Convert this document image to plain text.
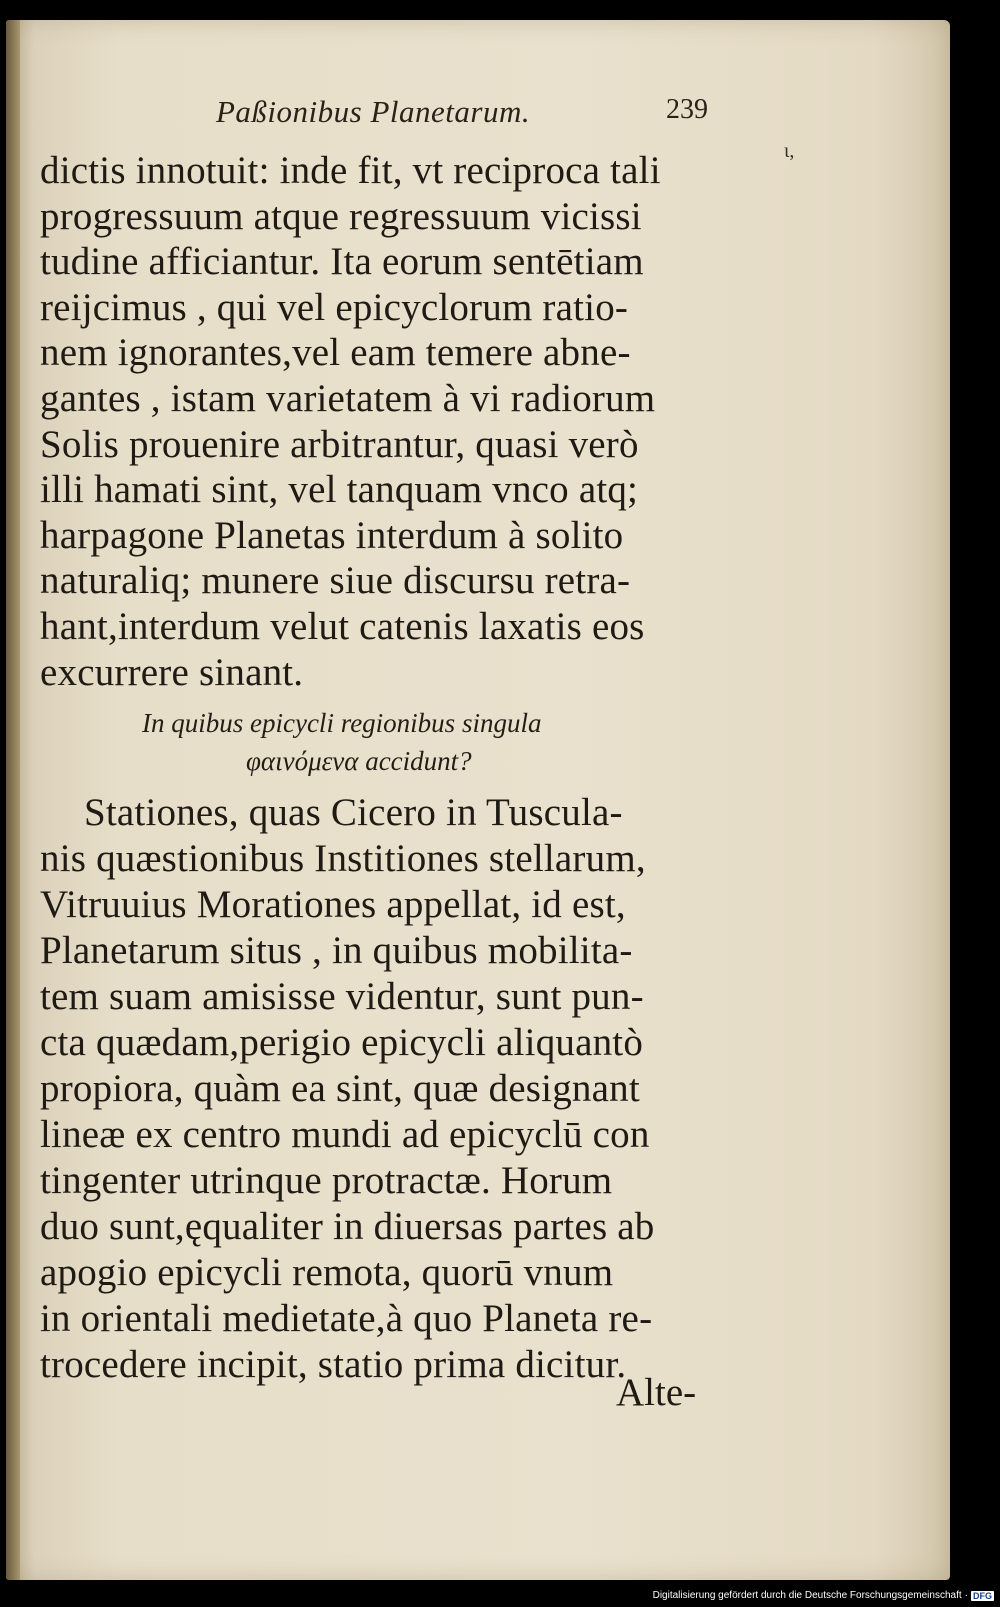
Paßionibus Planetarum.	239
ι,
dictis innotuit: inde fit, vt reciproca tali
progressuum atque regressuum vicissi
tudine afficiantur. Ita eorum sentētiam
reijcimus , qui vel epicyclorum ratio-
nem ignorantes,vel eam temere abne-
gantes , istam varietatem à vi radiorum
Solis prouenire arbitrantur, quasi verò
illi hamati sint, vel tanquam vnco atq;
harpagone Planetas interdum à solito
naturaliq; munere siue discursu retra-
hant,interdum velut catenis laxatis eos
excurrere sinant.
In quibus epicycli regionibus singula
φαινόμενα accidunt?
Stationes, quas Cicero in Tuscula-
nis quæstionibus Institiones stellarum,
Vitruuius Morationes appellat, id est,
Planetarum situs , in quibus mobilita-
tem suam amisisse videntur, sunt pun-
cta quædam,perigio epicycli aliquantò
propiora, quàm ea sint, quæ designant
lineæ ex centro mundi ad epicyclū con
tingenter utrinque protractæ. Horum
duo sunt,ęqualiter in diuersas partes ab
apogio epicycli remota, quorū vnum
in orientali medietate,à quo Planeta re-
trocedere incipit, statio prima dicitur.
Alte-
Digitalisierung gefördert durch die Deutsche Forschungsgemeinschaft · DFG
